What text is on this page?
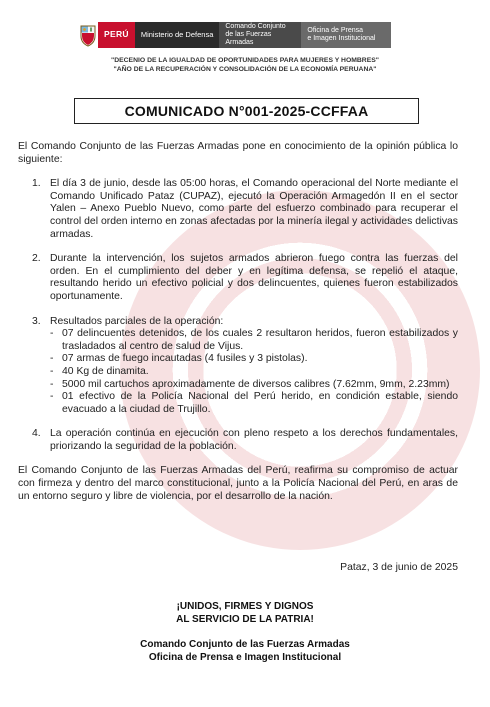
PERÚ	Ministerio de Defensa
Comando Conjunto
de las Fuerzas Armadas
Oficina de Prensa
e Imagen Institucional
"DECENIO DE LA IGUALDAD DE OPORTUNIDADES PARA MUJERES Y HOMBRES"
"AÑO DE LA RECUPERACIÓN Y CONSOLIDACIÓN DE LA ECONOMÍA PERUANA"
COMUNICADO N°001-2025-CCFFAA

El Comando Conjunto de las Fuerzas Armadas pone en conocimiento de la opinión pública lo siguiente:

1. El día 3 de junio, desde las 05:00 horas, el Comando operacional del Norte mediante el Comando Unificado Pataz (CUPAZ), ejecutó la Operación Armagedón II en el sector Yalen – Anexo Pueblo Nuevo, como parte del esfuerzo combinado para recuperar el control del orden interno en zonas afectadas por la minería ilegal y actividades delictivas armadas.
2. Durante la intervención, los sujetos armados abrieron fuego contra las fuerzas del orden. En el cumplimiento del deber y en legítima defensa, se repelió el ataque, resultando herido un efectivo policial y dos delincuentes, quienes fueron estabilizados oportunamente.
3. Resultados parciales de la operación:
- 07 delincuentes detenidos, de los cuales 2 resultaron heridos, fueron estabilizados y trasladados al centro de salud de Vijus.
- 07 armas de fuego incautadas (4 fusiles y 3 pistolas).
- 40 Kg de dinamita.
- 5000 mil cartuchos aproximadamente de diversos calibres (7.62mm, 9mm, 2.23mm)
- 01 efectivo de la Policía Nacional del Perú herido, en condición estable, siendo evacuado a la ciudad de Trujillo.
4. La operación continúa en ejecución con pleno respeto a los derechos fundamentales, priorizando la seguridad de la población.

El Comando Conjunto de las Fuerzas Armadas del Perú, reafirma su compromiso de actuar con firmeza y dentro del marco constitucional, junto a la Policía Nacional del Perú, en aras de un entorno seguro y libre de violencia, por el desarrollo de la nación.

Pataz, 3 de junio de 2025
¡UNIDOS, FIRMES Y DIGNOS
AL SERVICIO DE LA PATRIA!
Comando Conjunto de las Fuerzas Armadas
Oficina de Prensa e Imagen Institucional
